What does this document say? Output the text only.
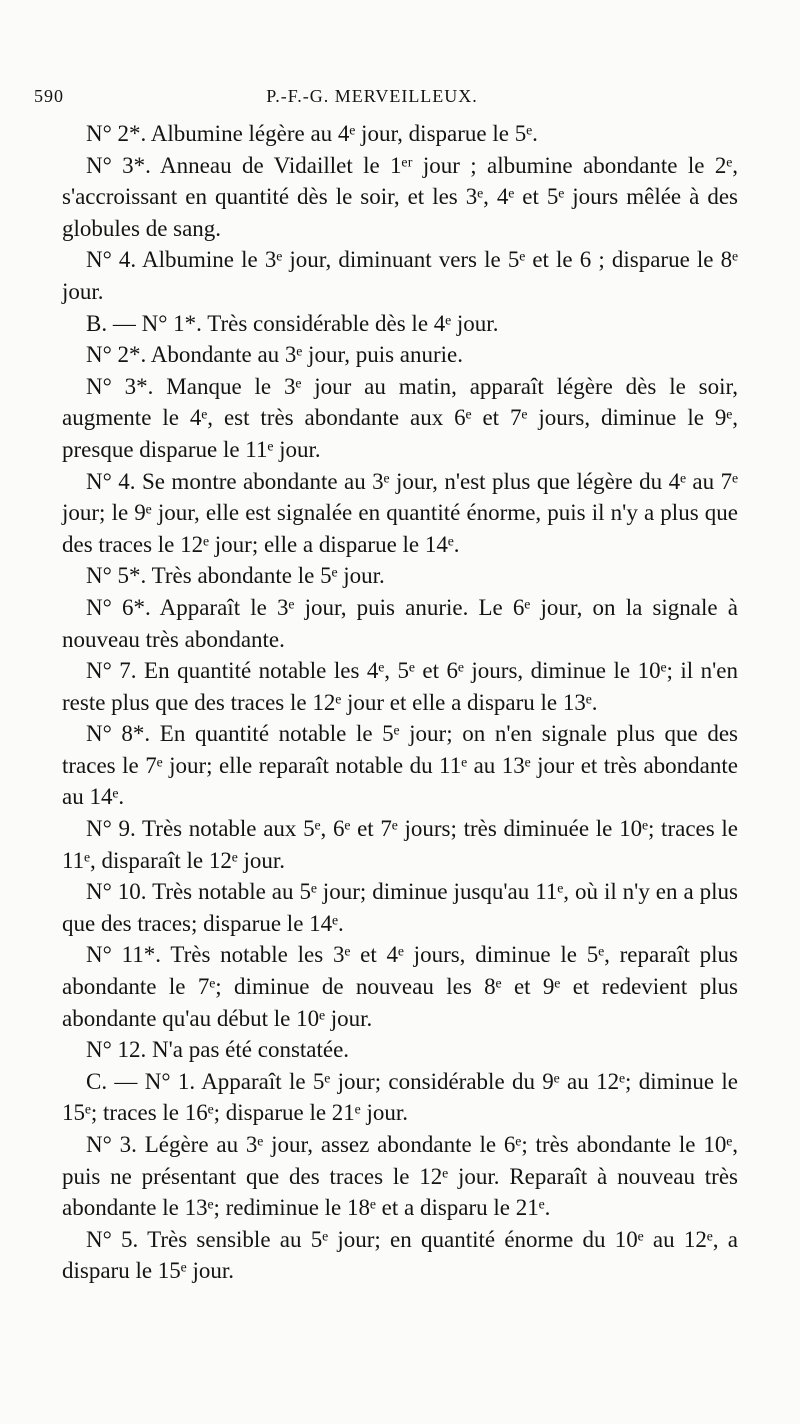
590	P.-F.-G. MERVEILLEUX.

N° 2*. Albumine légère au 4ᵉ jour, disparue le 5ᵉ.

N° 3*. Anneau de Vidaillet le 1ᵉʳ jour ; albumine abondante le 2ᵉ, s'accroissant en quantité dès le soir, et les 3ᵉ, 4ᵉ et 5ᵉ jours mêlée à des globules de sang.

N° 4. Albumine le 3ᵉ jour, diminuant vers le 5ᵉ et le 6 ; disparue le 8ᵉ jour.

B. — N° 1*. Très considérable dès le 4ᵉ jour.

N° 2*. Abondante au 3ᵉ jour, puis anurie.

N° 3*. Manque le 3ᵉ jour au matin, apparaît légère dès le soir, augmente le 4ᵉ, est très abondante aux 6ᵉ et 7ᵉ jours, diminue le 9ᵉ, presque disparue le 11ᵉ jour.

N° 4. Se montre abondante au 3ᵉ jour, n'est plus que légère du 4ᵉ au 7ᵉ jour; le 9ᵉ jour, elle est signalée en quantité énorme, puis il n'y a plus que des traces le 12ᵉ jour; elle a disparue le 14ᵉ.

N° 5*. Très abondante le 5ᵉ jour.

N° 6*. Apparaît le 3ᵉ jour, puis anurie. Le 6ᵉ jour, on la signale à nouveau très abondante.

N° 7. En quantité notable les 4ᵉ, 5ᵉ et 6ᵉ jours, diminue le 10ᵉ; il n'en reste plus que des traces le 12ᵉ jour et elle a disparu le 13ᵉ.

N° 8*. En quantité notable le 5ᵉ jour; on n'en signale plus que des traces le 7ᵉ jour; elle reparaît notable du 11ᵉ au 13ᵉ jour et très abondante au 14ᵉ.

N° 9. Très notable aux 5ᵉ, 6ᵉ et 7ᵉ jours; très diminuée le 10ᵉ; traces le 11ᵉ, disparaît le 12ᵉ jour.

N° 10. Très notable au 5ᵉ jour; diminue jusqu'au 11ᵉ, où il n'y en a plus que des traces; disparue le 14ᵉ.

N° 11*. Très notable les 3ᵉ et 4ᵉ jours, diminue le 5ᵉ, reparaît plus abondante le 7ᵉ; diminue de nouveau les 8ᵉ et 9ᵉ et redevient plus abondante qu'au début le 10ᵉ jour.

N° 12. N'a pas été constatée.

C. — N° 1. Apparaît le 5ᵉ jour; considérable du 9ᵉ au 12ᵉ; diminue le 15ᵉ; traces le 16ᵉ; disparue le 21ᵉ jour.

N° 3. Légère au 3ᵉ jour, assez abondante le 6ᵉ; très abondante le 10ᵉ, puis ne présentant que des traces le 12ᵉ jour. Reparaît à nouveau très abondante le 13ᵉ; rediminue le 18ᵉ et a disparu le 21ᵉ.

N° 5. Très sensible au 5ᵉ jour; en quantité énorme du 10ᵉ au 12ᵉ, a disparu le 15ᵉ jour.
